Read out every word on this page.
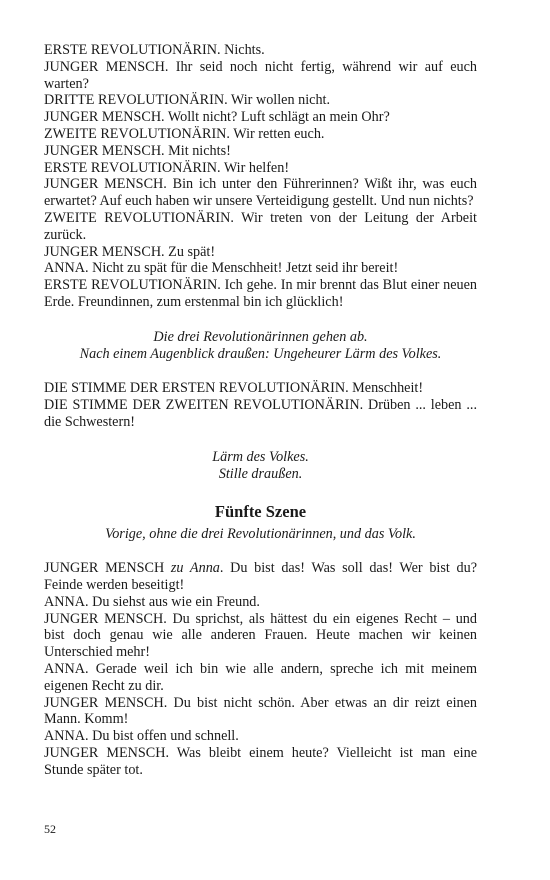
ERSTE REVOLUTIONÄRIN. Nichts.

JUNGER MENSCH. Ihr seid noch nicht fertig, während wir auf euch warten?

DRITTE REVOLUTIONÄRIN. Wir wollen nicht.

JUNGER MENSCH. Wollt nicht? Luft schlägt an mein Ohr?

ZWEITE REVOLUTIONÄRIN. Wir retten euch.

JUNGER MENSCH. Mit nichts!

ERSTE REVOLUTIONÄRIN. Wir helfen!

JUNGER MENSCH. Bin ich unter den Führerinnen? Wißt ihr, was euch erwartet? Auf euch haben wir unsere Verteidigung gestellt. Und nun nichts?

ZWEITE REVOLUTIONÄRIN. Wir treten von der Leitung der Arbeit zurück.

JUNGER MENSCH. Zu spät!

ANNA. Nicht zu spät für die Menschheit! Jetzt seid ihr bereit!

ERSTE REVOLUTIONÄRIN. Ich gehe. In mir brennt das Blut einer neuen Erde. Freundinnen, zum erstenmal bin ich glücklich!

Die drei Revolutionärinnen gehen ab.

Nach einem Augenblick draußen: Ungeheurer Lärm des Volkes.

DIE STIMME DER ERSTEN REVOLUTIONÄRIN. Menschheit!

DIE STIMME DER ZWEITEN REVOLUTIONÄRIN. Drüben ... leben ... die Schwestern!

Lärm des Volkes.

Stille draußen.

Fünfte Szene

Vorige, ohne die drei Revolutionärinnen, und das Volk.

JUNGER MENSCH zu Anna. Du bist das! Was soll das! Wer bist du? Feinde werden beseitigt!

ANNA. Du siehst aus wie ein Freund.

JUNGER MENSCH. Du sprichst, als hättest du ein eigenes Recht – und bist doch genau wie alle anderen Frauen. Heute machen wir keinen Unterschied mehr!

ANNA. Gerade weil ich bin wie alle andern, spreche ich mit meinem eigenen Recht zu dir.

JUNGER MENSCH. Du bist nicht schön. Aber etwas an dir reizt einen Mann. Komm!

ANNA. Du bist offen und schnell.

JUNGER MENSCH. Was bleibt einem heute? Vielleicht ist man eine Stunde später tot.

52
